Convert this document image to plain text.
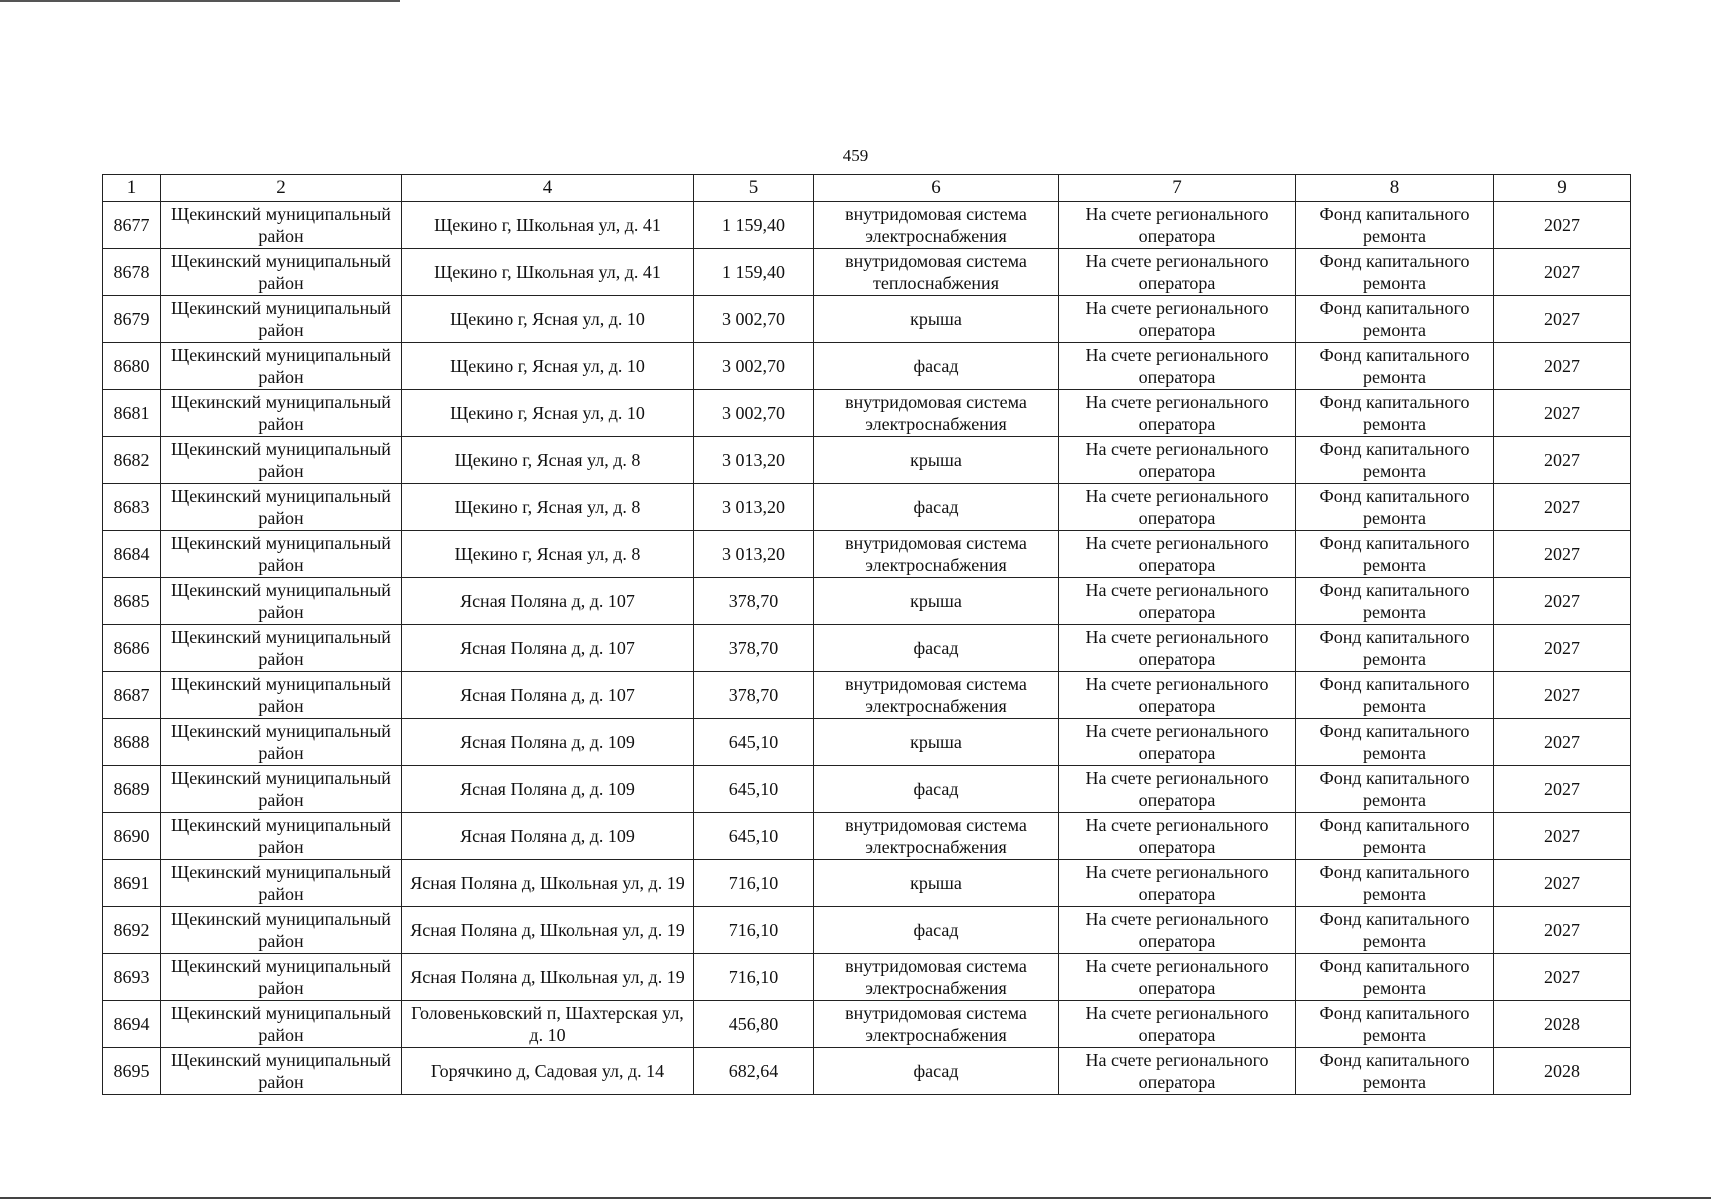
459
1	2	4	5	6	7	8	9
8677	Щекинский муниципальный район	Щекино г, Школьная ул, д. 41	1 159,40	внутридомовая система электроснабжения	На счете регионального оператора	Фонд капитального ремонта	2027
8678	Щекинский муниципальный район	Щекино г, Школьная ул, д. 41	1 159,40	внутридомовая система теплоснабжения	На счете регионального оператора	Фонд капитального ремонта	2027
8679	Щекинский муниципальный район	Щекино г, Ясная ул, д. 10	3 002,70	крыша	На счете регионального оператора	Фонд капитального ремонта	2027
8680	Щекинский муниципальный район	Щекино г, Ясная ул, д. 10	3 002,70	фасад	На счете регионального оператора	Фонд капитального ремонта	2027
8681	Щекинский муниципальный район	Щекино г, Ясная ул, д. 10	3 002,70	внутридомовая система электроснабжения	На счете регионального оператора	Фонд капитального ремонта	2027
8682	Щекинский муниципальный район	Щекино г, Ясная ул, д. 8	3 013,20	крыша	На счете регионального оператора	Фонд капитального ремонта	2027
8683	Щекинский муниципальный район	Щекино г, Ясная ул, д. 8	3 013,20	фасад	На счете регионального оператора	Фонд капитального ремонта	2027
8684	Щекинский муниципальный район	Щекино г, Ясная ул, д. 8	3 013,20	внутридомовая система электроснабжения	На счете регионального оператора	Фонд капитального ремонта	2027
8685	Щекинский муниципальный район	Ясная Поляна д, д. 107	378,70	крыша	На счете регионального оператора	Фонд капитального ремонта	2027
8686	Щекинский муниципальный район	Ясная Поляна д, д. 107	378,70	фасад	На счете регионального оператора	Фонд капитального ремонта	2027
8687	Щекинский муниципальный район	Ясная Поляна д, д. 107	378,70	внутридомовая система электроснабжения	На счете регионального оператора	Фонд капитального ремонта	2027
8688	Щекинский муниципальный район	Ясная Поляна д, д. 109	645,10	крыша	На счете регионального оператора	Фонд капитального ремонта	2027
8689	Щекинский муниципальный район	Ясная Поляна д, д. 109	645,10	фасад	На счете регионального оператора	Фонд капитального ремонта	2027
8690	Щекинский муниципальный район	Ясная Поляна д, д. 109	645,10	внутридомовая система электроснабжения	На счете регионального оператора	Фонд капитального ремонта	2027
8691	Щекинский муниципальный район	Ясная Поляна д, Школьная ул, д. 19	716,10	крыша	На счете регионального оператора	Фонд капитального ремонта	2027
8692	Щекинский муниципальный район	Ясная Поляна д, Школьная ул, д. 19	716,10	фасад	На счете регионального оператора	Фонд капитального ремонта	2027
8693	Щекинский муниципальный район	Ясная Поляна д, Школьная ул, д. 19	716,10	внутридомовая система электроснабжения	На счете регионального оператора	Фонд капитального ремонта	2027
8694	Щекинский муниципальный район	Головеньковский п, Шахтерская ул, д. 10	456,80	внутридомовая система электроснабжения	На счете регионального оператора	Фонд капитального ремонта	2028
8695	Щекинский муниципальный район	Горячкино д, Садовая ул, д. 14	682,64	фасад	На счете регионального оператора	Фонд капитального ремонта	2028
